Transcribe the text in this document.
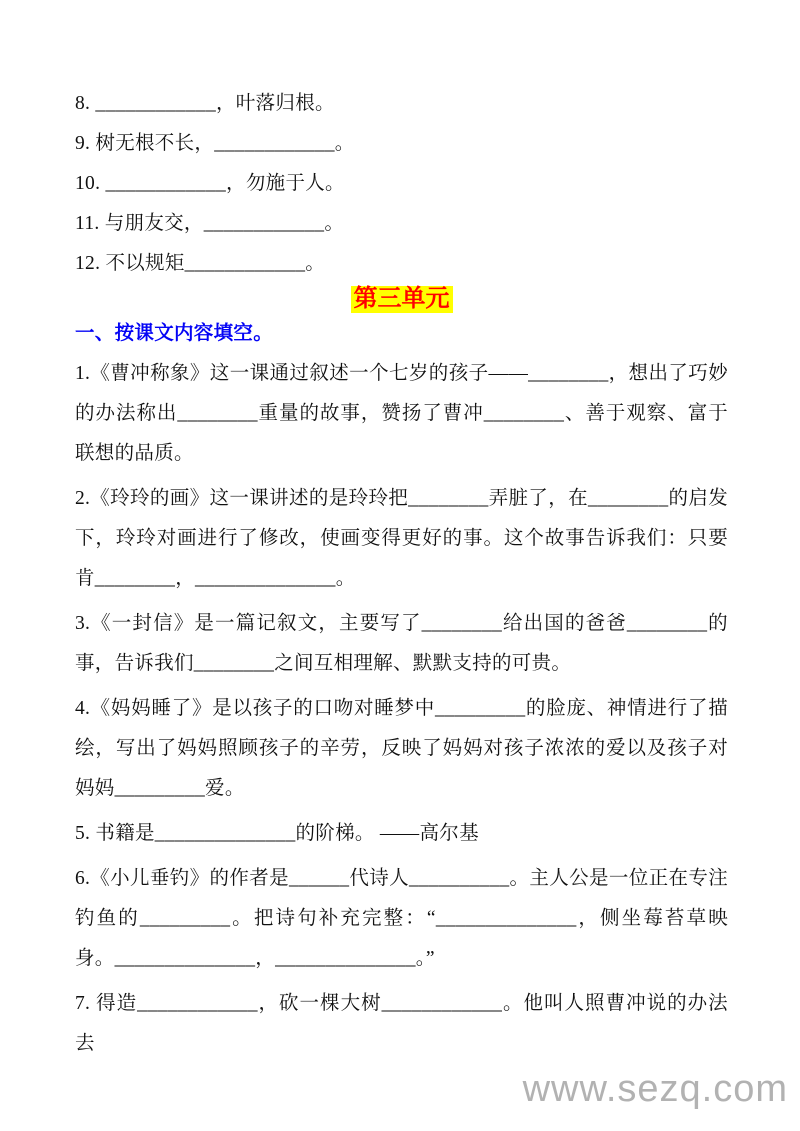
8. ____________，叶落归根。

9. 树无根不长，____________。

10. ____________，勿施于人。

11. 与朋友交，____________。

12. 不以规矩____________。

第三单元

一、按课文内容填空。

1.《曹冲称象》这一课通过叙述一个七岁的孩子——________，想出了巧妙的办法称出________重量的故事，赞扬了曹冲________、善于观察、富于联想的品质。

2.《玲玲的画》这一课讲述的是玲玲把________弄脏了，在________的启发下，玲玲对画进行了修改，使画变得更好的事。这个故事告诉我们：只要肯________，______________。

3.《一封信》是一篇记叙文，主要写了________给出国的爸爸________的事，告诉我们________之间互相理解、默默支持的可贵。

4.《妈妈睡了》是以孩子的口吻对睡梦中_________的脸庞、神情进行了描绘，写出了妈妈照顾孩子的辛劳，反映了妈妈对孩子浓浓的爱以及孩子对妈妈_________爱。

5. 书籍是______________的阶梯。 ——高尔基

6.《小儿垂钓》的作者是______代诗人__________。主人公是一位正在专注钓鱼的_________。把诗句补充完整：“______________，侧坐莓苔草映身。______________，______________。”

7. 得造____________，砍一棵大树____________。他叫人照曹冲说的办法去

www.sezq.com
